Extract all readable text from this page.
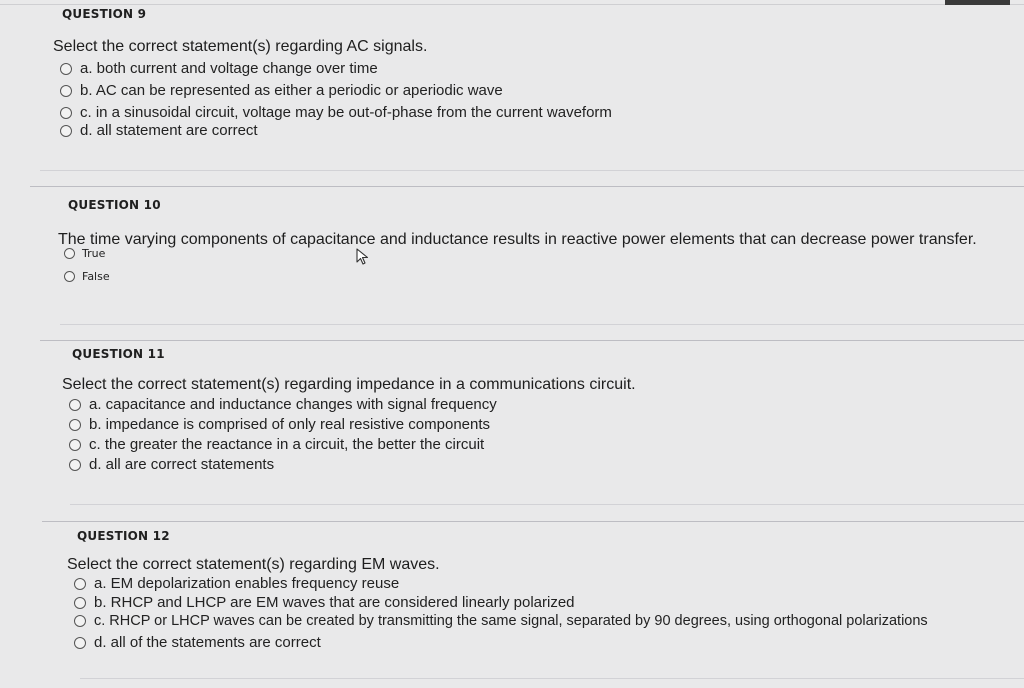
QUESTION 9
Select the correct statement(s) regarding AC signals.
a. both current and voltage change over time
b. AC can be represented as either a periodic or aperiodic wave
c. in a sinusoidal circuit, voltage may be out-of-phase from the current waveform
d. all statement are correct
QUESTION 10
The time varying components of capacitance and inductance results in reactive power elements that can decrease power transfer.
True
False
QUESTION 11
Select the correct statement(s) regarding impedance in a communications circuit.
a. capacitance and inductance changes with signal frequency
b. impedance is comprised of only real resistive components
c. the greater the reactance in a circuit, the better the circuit
d. all are correct statements
QUESTION 12
Select the correct statement(s) regarding EM waves.
a. EM depolarization enables frequency reuse
b. RHCP and LHCP are EM waves that are considered linearly polarized
c. RHCP or LHCP waves can be created by transmitting the same signal, separated by 90 degrees, using orthogonal polarizations
d. all of the statements are correct
